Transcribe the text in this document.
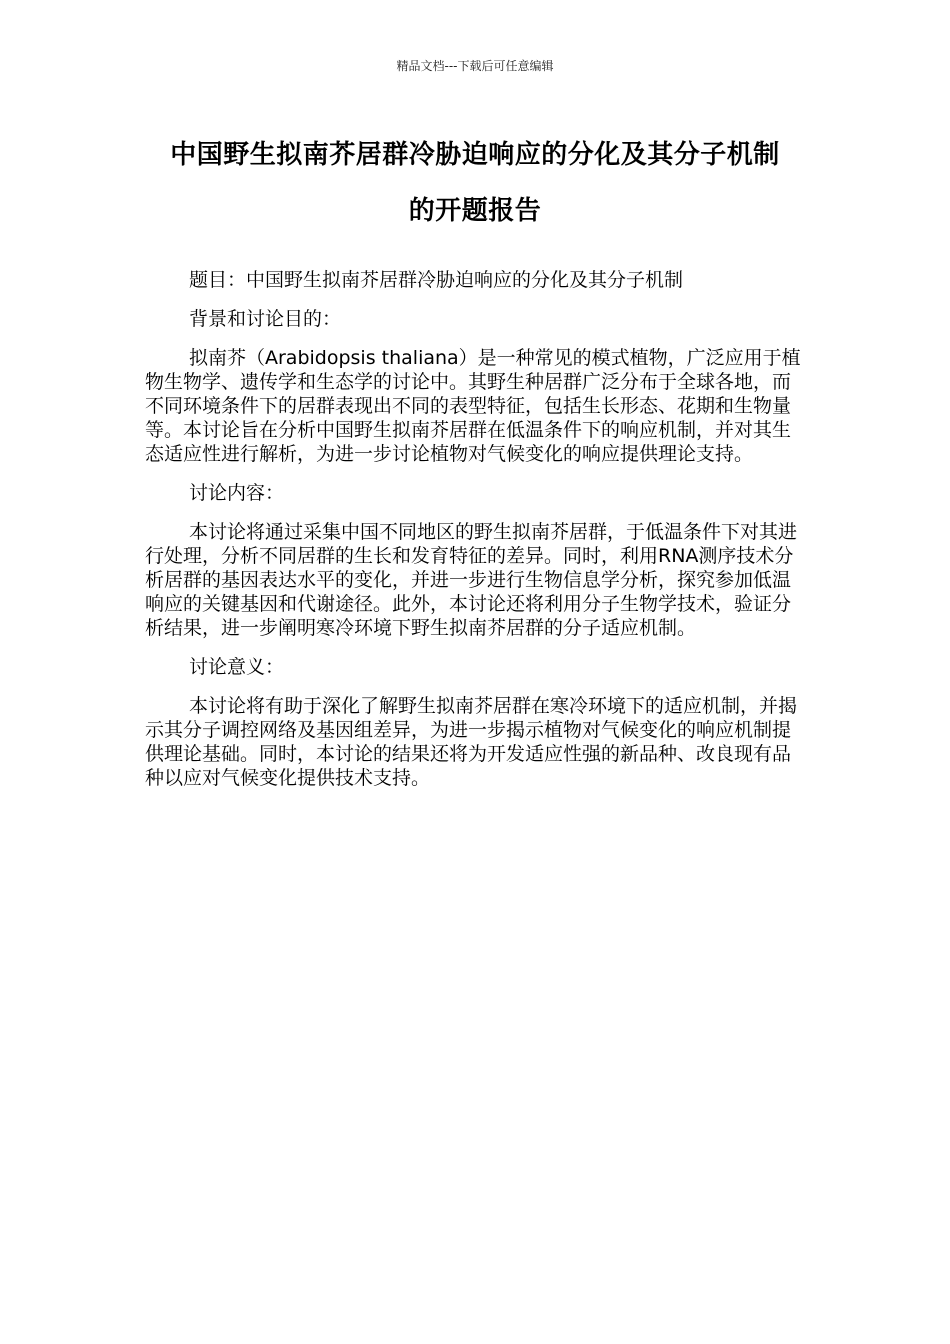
精品文档---下载后可任意编辑
中国野生拟南芥居群冷胁迫响应的分化及其分子机制
的开题报告

题目：中国野生拟南芥居群冷胁迫响应的分化及其分子机制

背景和讨论目的：

拟南芥（Arabidopsis thaliana）是一种常见的模式植物，广泛应用于植物生物学、遗传学和生态学的讨论中。其野生种居群广泛分布于全球各地，而不同环境条件下的居群表现出不同的表型特征，包括生长形态、花期和生物量等。本讨论旨在分析中国野生拟南芥居群在低温条件下的响应机制，并对其生态适应性进行解析，为进一步讨论植物对气候变化的响应提供理论支持。

讨论内容：

本讨论将通过采集中国不同地区的野生拟南芥居群，于低温条件下对其进行处理，分析不同居群的生长和发育特征的差异。同时，利用RNA测序技术分析居群的基因表达水平的变化，并进一步进行生物信息学分析，探究参加低温响应的关键基因和代谢途径。此外，本讨论还将利用分子生物学技术，验证分析结果，进一步阐明寒冷环境下野生拟南芥居群的分子适应机制。

讨论意义：

本讨论将有助于深化了解野生拟南芥居群在寒冷环境下的适应机制，并揭示其分子调控网络及基因组差异，为进一步揭示植物对气候变化的响应机制提供理论基础。同时，本讨论的结果还将为开发适应性强的新品种、改良现有品种以应对气候变化提供技术支持。
